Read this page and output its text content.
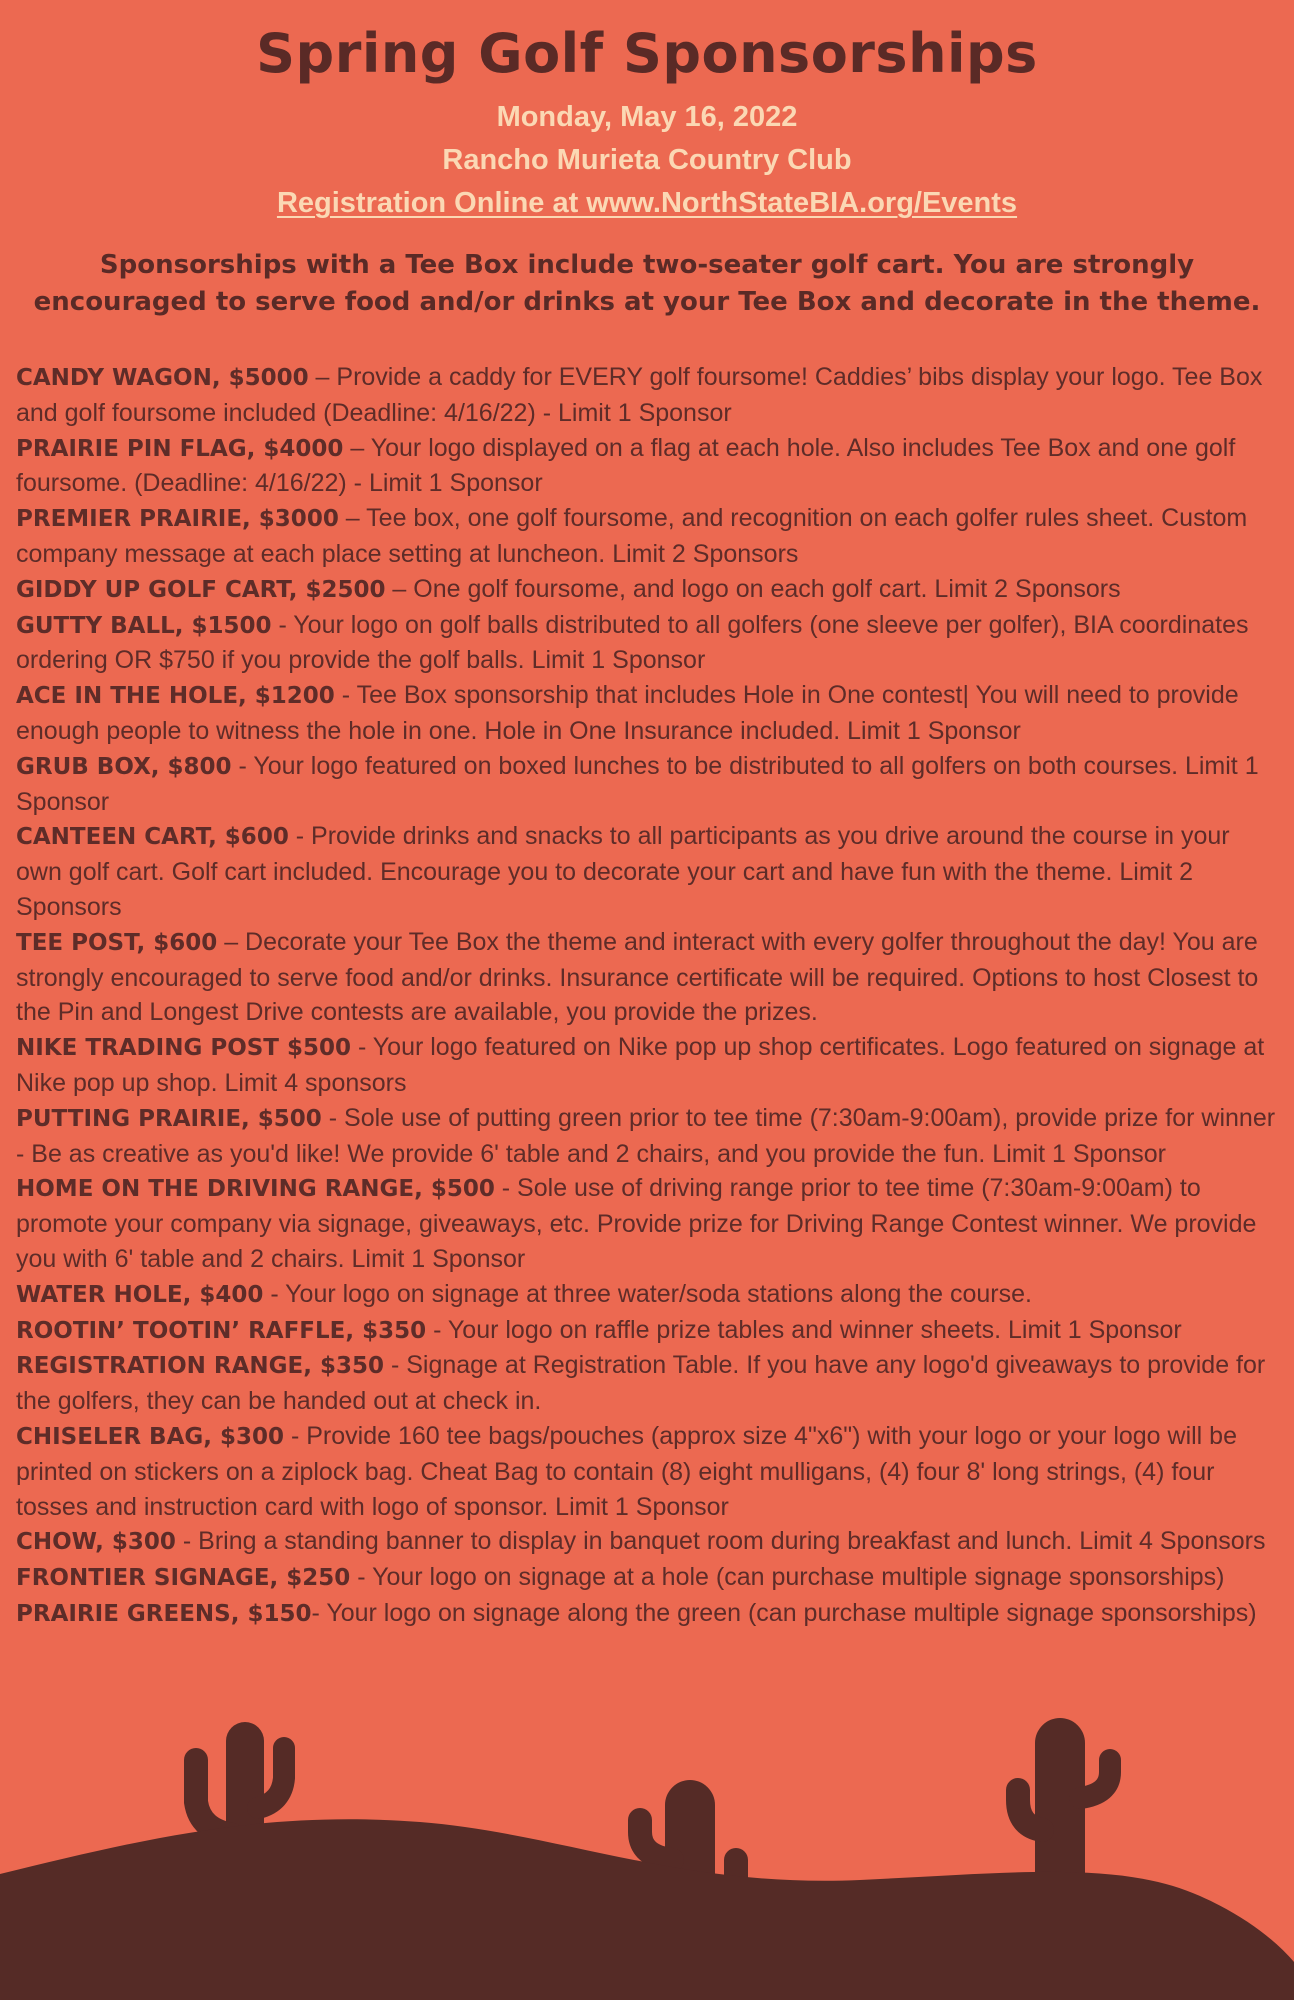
Spring Golf Sponsorships
Monday, May 16, 2022
Rancho Murieta Country Club
Registration Online at www.NorthStateBIA.org/Events
Sponsorships with a Tee Box include two-seater golf cart. You are strongly encouraged to serve food and/or drinks at your Tee Box and decorate in the theme.

CANDY WAGON, $5000 – Provide a caddy for EVERY golf foursome! Caddies’ bibs display your logo. Tee Box and golf foursome included (Deadline: 4/16/22) - Limit 1 Sponsor

PRAIRIE PIN FLAG, $4000 – Your logo displayed on a flag at each hole. Also includes Tee Box and one golf foursome. (Deadline: 4/16/22) - Limit 1 Sponsor

PREMIER PRAIRIE, $3000 – Tee box, one golf foursome, and recognition on each golfer rules sheet. Custom company message at each place setting at luncheon. Limit 2 Sponsors

GIDDY UP GOLF CART, $2500 – One golf foursome, and logo on each golf cart. Limit 2 Sponsors

GUTTY BALL, $1500 - Your logo on golf balls distributed to all golfers (one sleeve per golfer), BIA coordinates ordering OR $750 if you provide the golf balls. Limit 1 Sponsor

ACE IN THE HOLE, $1200 - Tee Box sponsorship that includes Hole in One contest| You will need to provide enough people to witness the hole in one. Hole in One Insurance included. Limit 1 Sponsor

GRUB BOX, $800 - Your logo featured on boxed lunches to be distributed to all golfers on both courses. Limit 1 Sponsor

CANTEEN CART, $600 - Provide drinks and snacks to all participants as you drive around the course in your own golf cart. Golf cart included. Encourage you to decorate your cart and have fun with the theme. Limit 2 Sponsors

TEE POST, $600 – Decorate your Tee Box the theme and interact with every golfer throughout the day! You are strongly encouraged to serve food and/or drinks. Insurance certificate will be required. Options to host Closest to the Pin and Longest Drive contests are available, you provide the prizes.

NIKE TRADING POST $500 - Your logo featured on Nike pop up shop certificates. Logo featured on signage at Nike pop up shop. Limit 4 sponsors

PUTTING PRAIRIE, $500 - Sole use of putting green prior to tee time (7:30am-9:00am), provide prize for winner - Be as creative as you'd like! We provide 6' table and 2 chairs, and you provide the fun. Limit 1 Sponsor

HOME ON THE DRIVING RANGE, $500 - Sole use of driving range prior to tee time (7:30am-9:00am) to promote your company via signage, giveaways, etc. Provide prize for Driving Range Contest winner. We provide you with 6' table and 2 chairs. Limit 1 Sponsor

WATER HOLE, $400 - Your logo on signage at three water/soda stations along the course.

ROOTIN’ TOOTIN’ RAFFLE, $350 - Your logo on raffle prize tables and winner sheets. Limit 1 Sponsor

REGISTRATION RANGE, $350 - Signage at Registration Table. If you have any logo'd giveaways to provide for the golfers, they can be handed out at check in.

CHISELER BAG, $300 - Provide 160 tee bags/pouches (approx size 4"x6") with your logo or your logo will be printed on stickers on a ziplock bag. Cheat Bag to contain (8) eight mulligans, (4) four 8' long strings, (4) four tosses and instruction card with logo of sponsor. Limit 1 Sponsor

CHOW, $300 - Bring a standing banner to display in banquet room during breakfast and lunch. Limit 4 Sponsors

FRONTIER SIGNAGE, $250 - Your logo on signage at a hole (can purchase multiple signage sponsorships)

PRAIRIE GREENS, $150- Your logo on signage along the green (can purchase multiple signage sponsorships)
